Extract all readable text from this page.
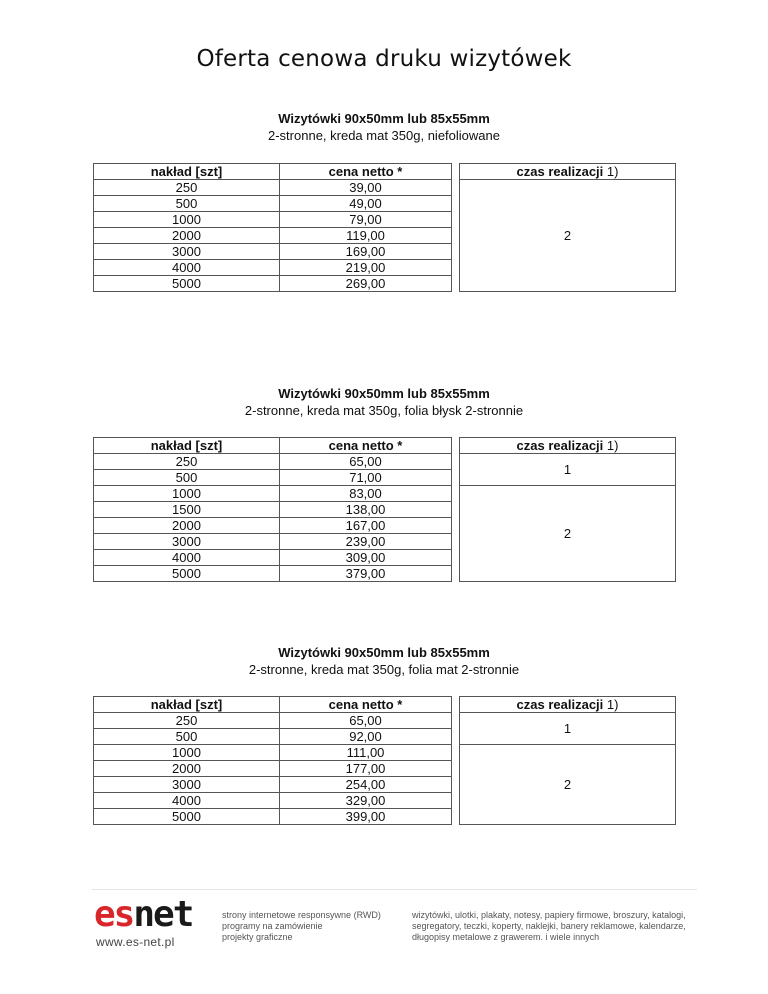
Oferta cenowa druku wizytówek
Wizytówki 90x50mm lub 85x55mm
2-stronne, kreda mat 350g, niefoliowane
nakład [szt]	cena netto *		czas realizacji 1)
250	39,00		2
500	49,00		
1000	79,00		
2000	119,00		
3000	169,00		
4000	219,00		
5000	269,00		
Wizytówki 90x50mm lub 85x55mm
2-stronne, kreda mat 350g, folia błysk 2-stronnie
nakład [szt]	cena netto *		czas realizacji 1)
250	65,00		1
500	71,00		
1000	83,00		2
1500	138,00		
2000	167,00		
3000	239,00		
4000	309,00		
5000	379,00		
Wizytówki 90x50mm lub 85x55mm
2-stronne, kreda mat 350g, folia mat 2-stronnie
nakład [szt]	cena netto *		czas realizacji 1)
250	65,00		1
500	92,00		
1000	111,00		2
2000	177,00		
3000	254,00		
4000	329,00		
5000	399,00		
esnet
www.es-net.pl
strony internetowe responsywne (RWD)
programy na zamówienie
projekty graficzne
wizytówki, ulotki, plakaty, notesy, papiery firmowe, broszury, katalogi,
segregatory, teczki, koperty, naklejki, banery reklamowe, kalendarze,
długopisy metalowe z grawerem. i wiele innych
